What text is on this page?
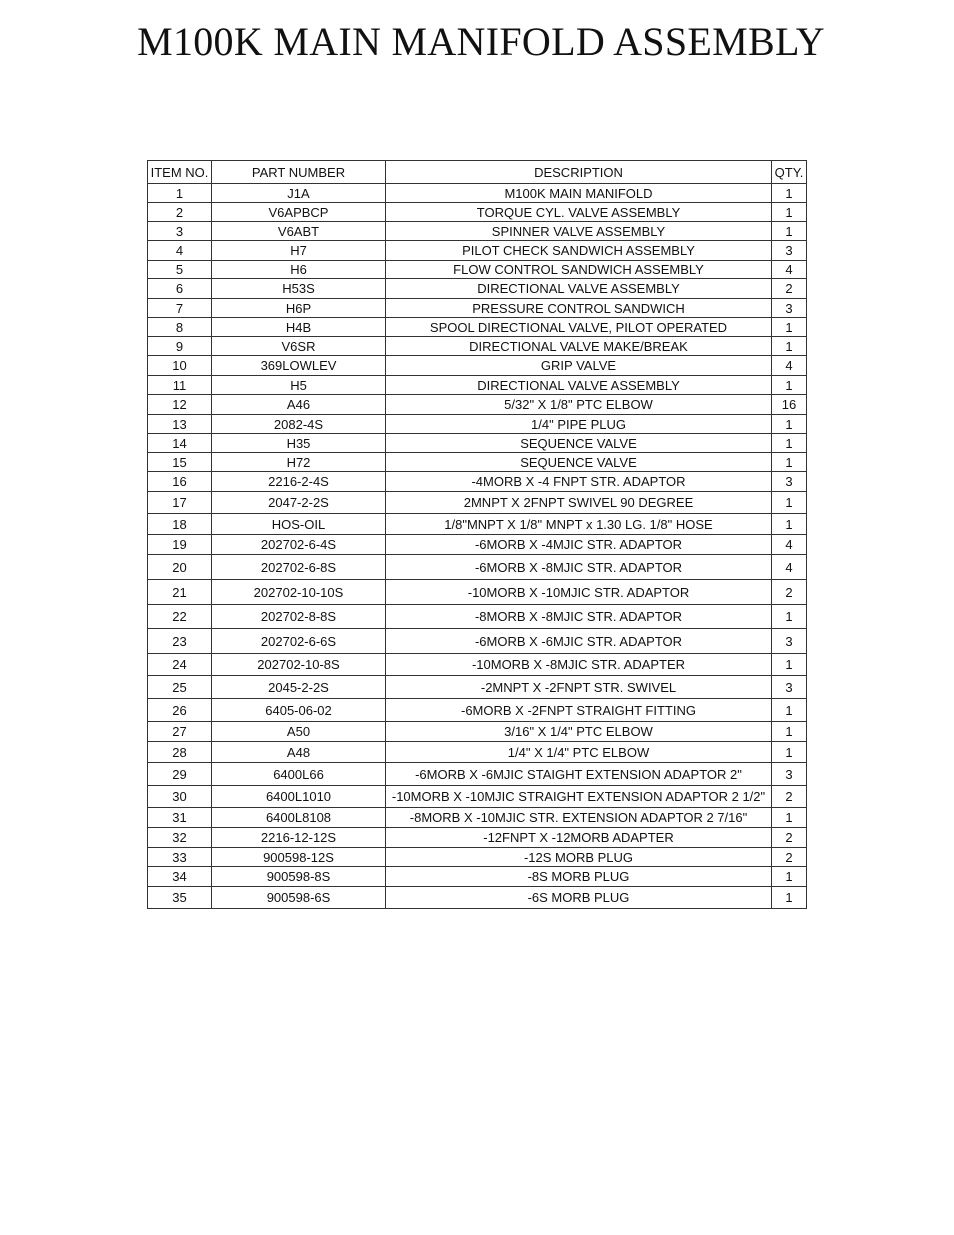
M100K MAIN MANIFOLD ASSEMBLY
ITEM NO.	PART NUMBER	DESCRIPTION	QTY.
1	J1A	M100K MAIN MANIFOLD	1
2	V6APBCP	TORQUE CYL. VALVE ASSEMBLY	1
3	V6ABT	SPINNER VALVE ASSEMBLY	1
4	H7	PILOT CHECK SANDWICH ASSEMBLY	3
5	H6	FLOW CONTROL SANDWICH ASSEMBLY	4
6	H53S	DIRECTIONAL VALVE ASSEMBLY	2
7	H6P	PRESSURE CONTROL SANDWICH	3
8	H4B	SPOOL DIRECTIONAL VALVE, PILOT OPERATED	1
9	V6SR	DIRECTIONAL VALVE MAKE/BREAK	1
10	369LOWLEV	GRIP VALVE	4
11	H5	DIRECTIONAL VALVE ASSEMBLY	1
12	A46	5/32" X 1/8" PTC ELBOW	16
13	2082-4S	1/4" PIPE PLUG	1
14	H35	SEQUENCE VALVE	1
15	H72	SEQUENCE VALVE	1
16	2216-2-4S	-4MORB X -4 FNPT STR. ADAPTOR	3
17	2047-2-2S	2MNPT X 2FNPT SWIVEL 90 DEGREE	1
18	HOS-OIL	1/8"MNPT X 1/8" MNPT x 1.30 LG. 1/8" HOSE	1
19	202702-6-4S	-6MORB X -4MJIC STR. ADAPTOR	4
20	202702-6-8S	-6MORB X -8MJIC STR. ADAPTOR	4
21	202702-10-10S	-10MORB X -10MJIC STR. ADAPTOR	2
22	202702-8-8S	-8MORB X -8MJIC STR. ADAPTOR	1
23	202702-6-6S	-6MORB X -6MJIC STR. ADAPTOR	3
24	202702-10-8S	-10MORB X -8MJIC STR. ADAPTER	1
25	2045-2-2S	-2MNPT X -2FNPT STR. SWIVEL	3
26	6405-06-02	-6MORB X -2FNPT STRAIGHT FITTING	1
27	A50	3/16" X 1/4" PTC ELBOW	1
28	A48	1/4" X 1/4" PTC ELBOW	1
29	6400L66	-6MORB X -6MJIC STAIGHT EXTENSION ADAPTOR 2"	3
30	6400L1010	-10MORB X -10MJIC STRAIGHT EXTENSION ADAPTOR 2 1/2"	2
31	6400L8108	-8MORB X -10MJIC STR. EXTENSION ADAPTOR 2 7/16"	1
32	2216-12-12S	-12FNPT X -12MORB ADAPTER	2
33	900598-12S	-12S MORB PLUG	2
34	900598-8S	-8S MORB PLUG	1
35	900598-6S	-6S MORB PLUG	1
